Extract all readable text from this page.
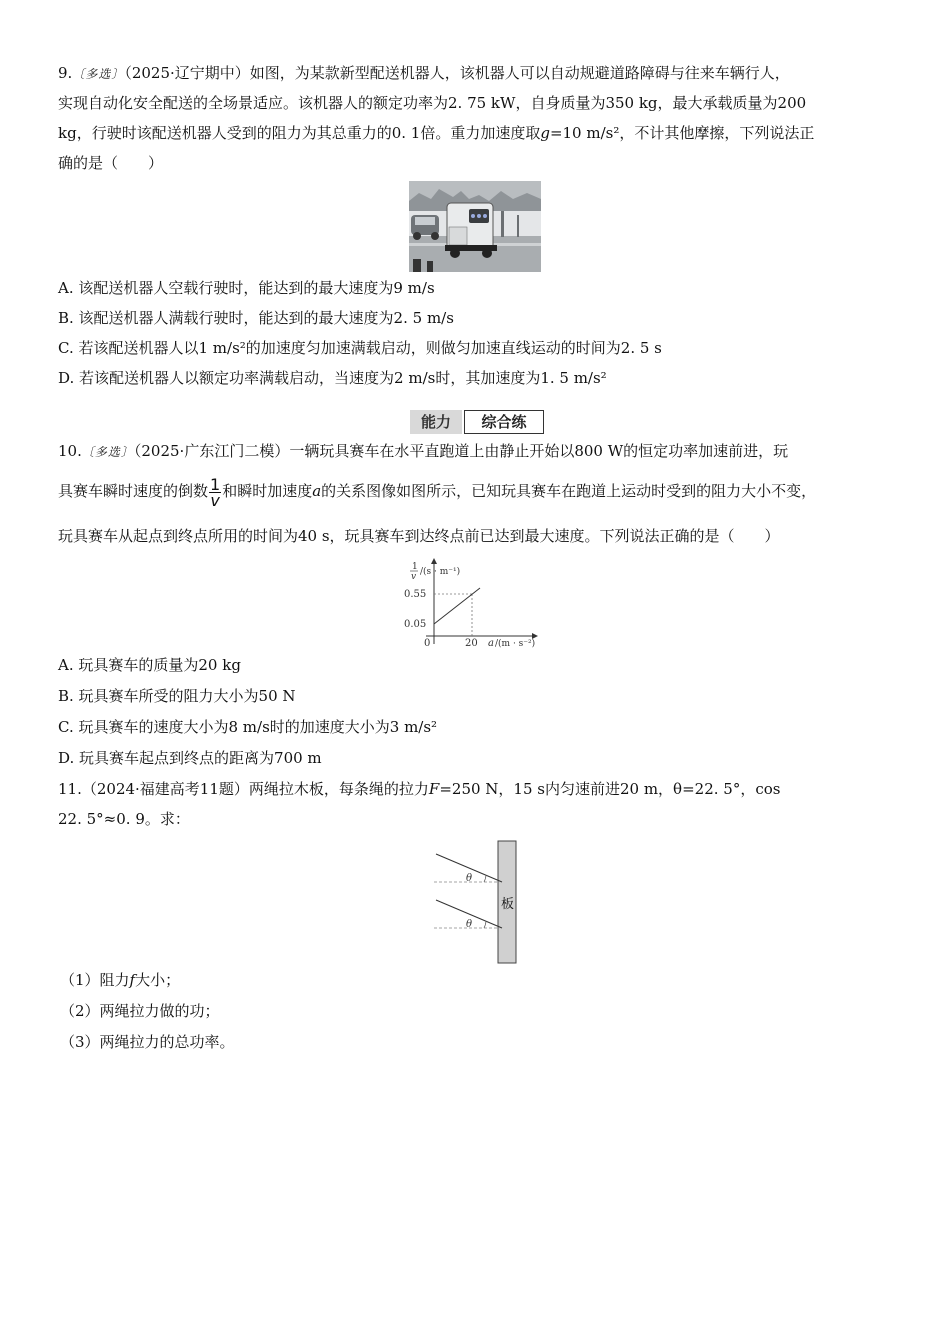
9.〔多选〕（2025·辽宁期中）如图，为某款新型配送机器人，该机器人可以自动规避道路障碍与往来车辆行人，
实现自动化安全配送的全场景适应。该机器人的额定功率为2. 75 kW，自身质量为350 kg，最大承载质量为200
kg，行驶时该配送机器人受到的阻力为其总重力的0. 1倍。重力加速度取g=10 m/s²，不计其他摩擦，下列说法正
确的是（　　）
A. 该配送机器人空载行驶时，能达到的最大速度为9 m/s
B. 该配送机器人满载行驶时，能达到的最大速度为2. 5 m/s
C. 若该配送机器人以1 m/s²的加速度匀加速满载启动，则做匀加速直线运动的时间为2. 5 s
D. 若该配送机器人以额定功率满载启动，当速度为2 m/s时，其加速度为1. 5 m/s²
能力	综合练
10.〔多选〕（2025·广东江门二模）一辆玩具赛车在水平直跑道上由静止开始以800 W的恒定功率加速前进，玩
具赛车瞬时速度的倒数 $\frac{1}{v}$ 和瞬时加速度a的关系图像如图所示，已知玩具赛车在跑道上运动时受到的阻力大小不变，
玩具赛车从起点到终点所用的时间为40 s，玩具赛车到达终点前已达到最大速度。下列说法正确的是（　　）
1
v /(s · m⁻¹)
0.55
0.05
0	20 a /(m · s⁻²)
A. 玩具赛车的质量为20 kg
B. 玩具赛车所受的阻力大小为50 N
C. 玩具赛车的速度大小为8 m/s时的加速度大小为3 m/s²
D. 玩具赛车起点到终点的距离为700 m
11.（2024·福建高考11题）两绳拉木板，每条绳的拉力F=250 N，15 s内匀速前进20 m，θ=22. 5°，cos
22. 5°≈0. 9。求：
板
θ
θ
（1）阻力f大小；
（2）两绳拉力做的功；
（3）两绳拉力的总功率。
